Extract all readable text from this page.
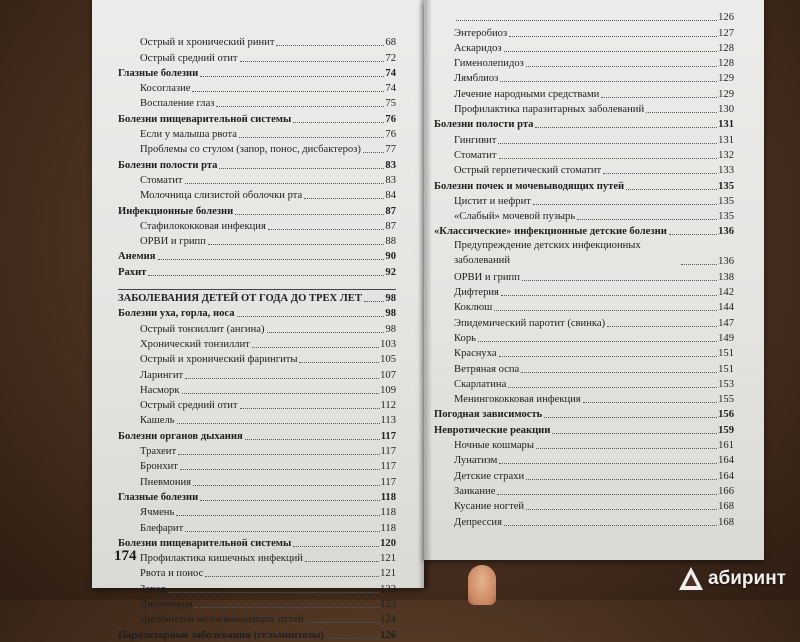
Острый и хронический ринит	68
Острый средний отит	72
Глазные болезни	74
Косоглазие	74
Воспаление глаз	75
Болезни пищеварительной системы	76
Если у малыша рвота	76
Проблемы со стулом (запор, понос, дисбактероз) 77
Болезни полости рта	83
Стоматит	83
Молочница слизистой оболочки рта	84
Инфекционные болезни	87
Стафилококковая инфекция	87
ОРВИ и грипп	88
Анемия	90
Рахит	92
ЗАБОЛЕВАНИЯ ДЕТЕЙ ОТ ГОДА ДО ТРЕХ ЛЕТ 98
Болезни уха, горла, носа	98
Острый тонзиллит (ангина)	98
Хронический тонзиллит	103
Острый и хронический фарингиты	105
Ларингит	107
Насморк	109
Острый средний отит	112
Кашель	113
Болезни органов дыхания	117
Трахеит	117
Бронхит	117
Пневмония	117
Глазные болезни	118
Ячмень	118
Блефарит	118
Болезни пищеварительной системы	120
Профилактика кишечных инфекций	121
Рвота и понос	121
Запор	122
Дизентерия	123
Дискинезия желчевыводящих путей	124
Паразитарные заболевания (гельминтозы)	126
174
126
Энтеробиоз	127
Аскаридоз	128
Гименолепидоз	128
Лямблиоз	129
Лечение народными средствами	129
Профилактика паразитарных заболеваний	130
Болезни полости рта	131
Гингивит	131
Стоматит	132
Острый герпетический стоматит	133
Болезни почек и мочевыводящих путей	135
Цистит и нефрит	135
«Слабый» мочевой пузырь	135
«Классические» инфекционные детские болезни	136
Предупреждение детских инфекционных заболеваний	136
ОРВИ и грипп	138
Дифтерия	142
Коклюш	144
Эпидемический паротит (свинка)	147
Корь	149
Краснуха	151
Ветряная оспа	151
Скарлатина	153
Менингококковая инфекция	155
Погодная зависимость	156
Невротические реакции	159
Ночные кошмары	161
Лунатизм	164
Детские страхи	164
Заикание	166
Кусание ногтей	168
Депрессия	168
абиринт
